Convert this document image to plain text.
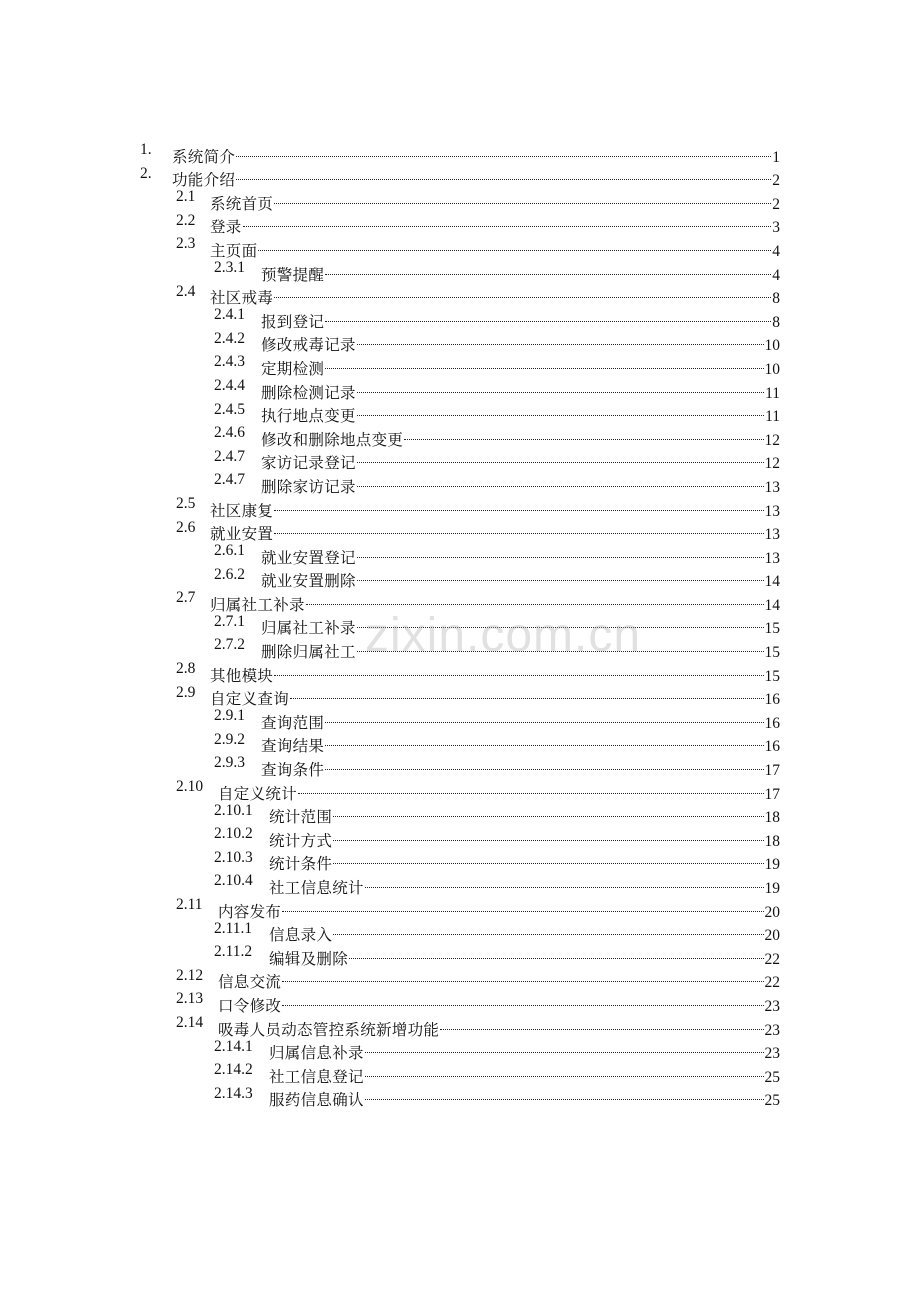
1. 系统简介	1
2. 功能介绍	2
2.1 系统首页	2
2.2 登录	3
2.3 主页面	4
2.3.1 预警提醒	4
2.4 社区戒毒	8
2.4.1 报到登记	8
2.4.2 修改戒毒记录	10
2.4.3 定期检测	10
2.4.4 删除检测记录	11
2.4.5 执行地点变更	11
2.4.6 修改和删除地点变更	12
2.4.7 家访记录登记	12
2.4.7 删除家访记录	13
2.5 社区康复	13
2.6 就业安置	13
2.6.1 就业安置登记	13
2.6.2 就业安置删除	14
2.7 归属社工补录	14
2.7.1 归属社工补录	15
2.7.2 删除归属社工	15
2.8 其他模块	15
2.9 自定义查询	16
2.9.1 查询范围	16
2.9.2 查询结果	16
2.9.3 查询条件	17
2.10 自定义统计	17
2.10.1 统计范围	18
2.10.2 统计方式	18
2.10.3 统计条件	19
2.10.4 社工信息统计	19
2.11 内容发布	20
2.11.1 信息录入	20
2.11.2 编辑及删除	22
2.12 信息交流	22
2.13 口令修改	23
2.14 吸毒人员动态管控系统新增功能	23
2.14.1 归属信息补录	23
2.14.2 社工信息登记	25
2.14.3 服药信息确认	25
zixin.com.cn
